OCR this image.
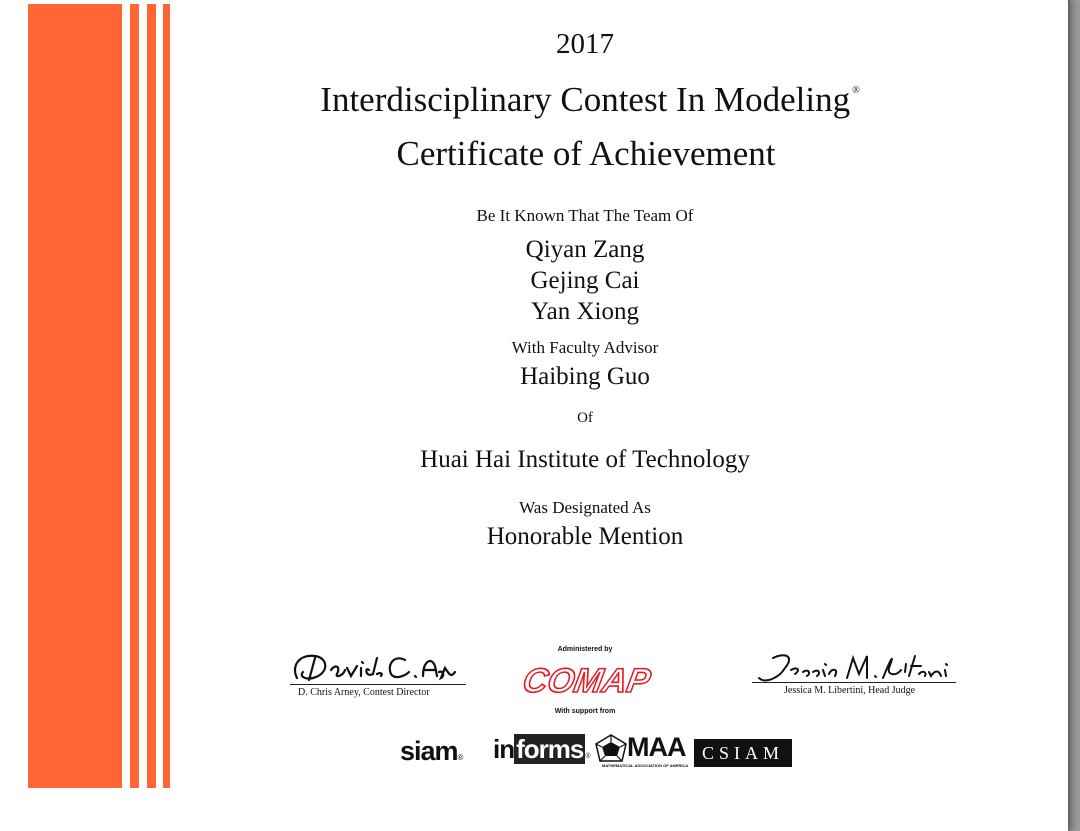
2017
Interdisciplinary Contest In Modeling ®
Certificate of Achievement
Be It Known That The Team Of
Qiyan Zang
Gejing Cai
Yan Xiong
With Faculty Advisor
Haibing Guo
Of
Huai Hai Institute of Technology
Was Designated As
Honorable Mention
D. Chris Arney, Contest Director
Administered by
COMAP
With support from
Jessica M. Libertini, Head Judge
siam® informs ® MAA
MATHEMATICAL ASSOCIATION OF AMERICA
CSIAM
